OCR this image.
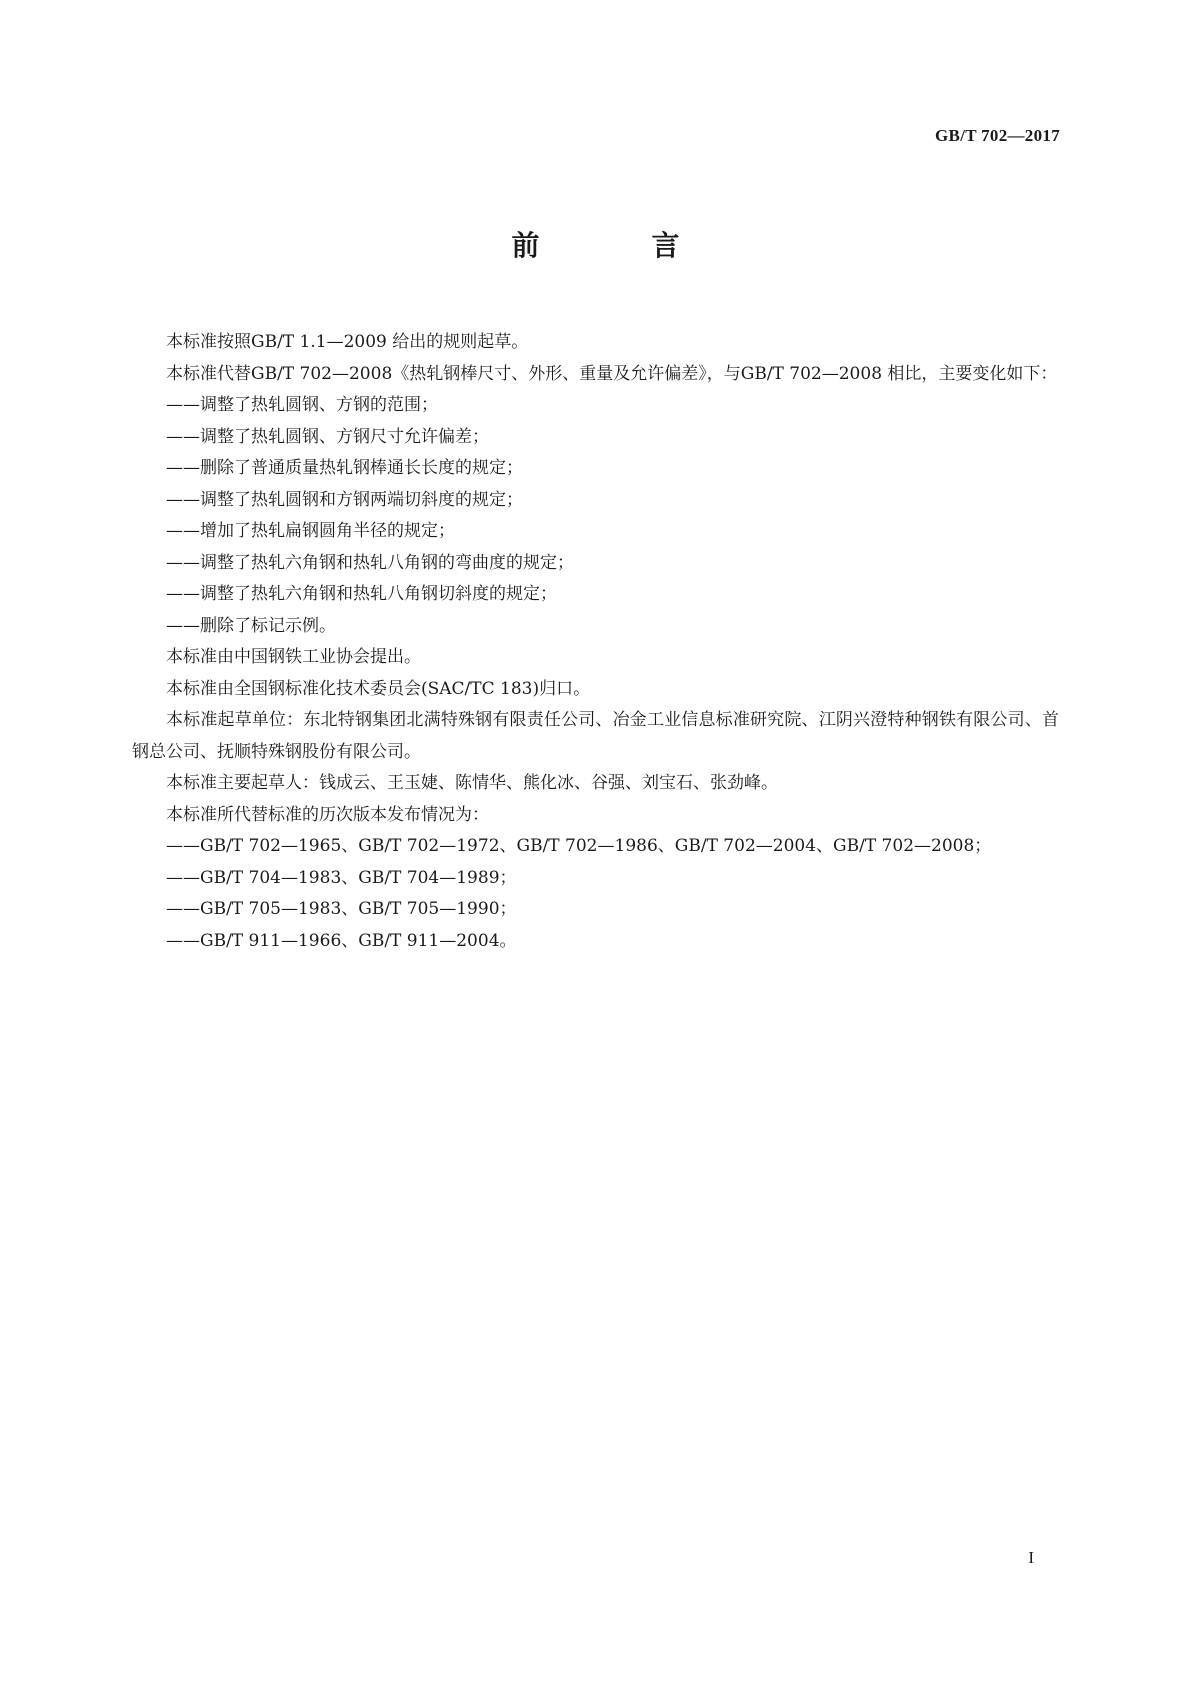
GB/T 702—2017
前　言

本标准按照GB/T 1.1—2009 给出的规则起草。

本标准代替GB/T 702—2008《热轧钢棒尺寸、外形、重量及允许偏差》，与GB/T 702—2008 相比，主要变化如下：

——调整了热轧圆钢、方钢的范围；

——调整了热轧圆钢、方钢尺寸允许偏差；

——删除了普通质量热轧钢棒通长长度的规定；

——调整了热轧圆钢和方钢两端切斜度的规定；

——增加了热轧扁钢圆角半径的规定；

——调整了热轧六角钢和热轧八角钢的弯曲度的规定；

——调整了热轧六角钢和热轧八角钢切斜度的规定；

——删除了标记示例。

本标准由中国钢铁工业协会提出。

本标准由全国钢标准化技术委员会(SAC/TC 183)归口。

本标准起草单位：东北特钢集团北满特殊钢有限责任公司、冶金工业信息标准研究院、江阴兴澄特种钢铁有限公司、首钢总公司、抚顺特殊钢股份有限公司。

本标准主要起草人：钱成云、王玉婕、陈情华、熊化冰、谷强、刘宝石、张劲峰。

本标准所代替标准的历次版本发布情况为：

——GB/T 702—1965、GB/T 702—1972、GB/T 702—1986、GB/T 702—2004、GB/T 702—2008；

——GB/T 704—1983、GB/T 704—1989；

——GB/T 705—1983、GB/T 705—1990；

——GB/T 911—1966、GB/T 911—2004。

I
